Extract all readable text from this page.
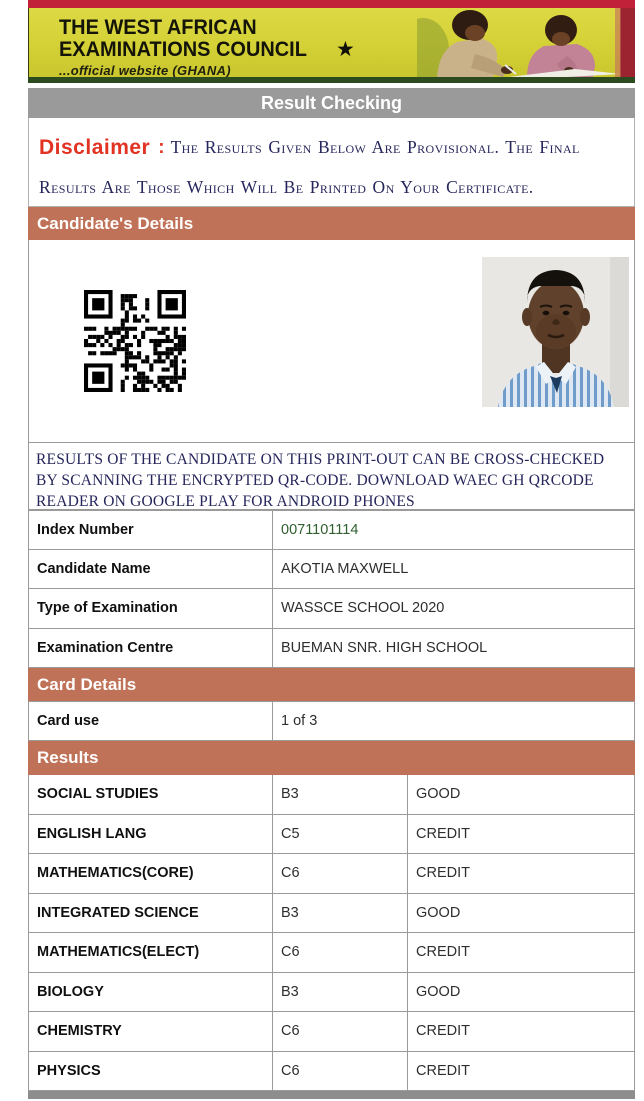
THE WEST AFRICAN
EXAMINATIONS COUNCIL ★
...official website (GHANA)
Result Checking
Disclaimer : The Results Given Below Are Provisional. The Final Results Are Those Which Will Be Printed On Your Certificate.
Candidate's Details
RESULTS OF THE CANDIDATE ON THIS PRINT-OUT CAN BE CROSS-CHECKED BY SCANNING THE ENCRYPTED QR-CODE. DOWNLOAD WAEC GH QRCODE READER ON GOOGLE PLAY FOR ANDROID PHONES
Index Number	0071101114
Candidate Name	AKOTIA MAXWELL
Type of Examination	WASSCE SCHOOL 2020
Examination Centre	BUEMAN SNR. HIGH SCHOOL
Card Details
Card use	1 of 3
Results
SOCIAL STUDIES	B3	GOOD
ENGLISH LANG	C5	CREDIT
MATHEMATICS(CORE)	C6	CREDIT
INTEGRATED SCIENCE	B3	GOOD
MATHEMATICS(ELECT)	C6	CREDIT
BIOLOGY	B3	GOOD
CHEMISTRY	C6	CREDIT
PHYSICS	C6	CREDIT
